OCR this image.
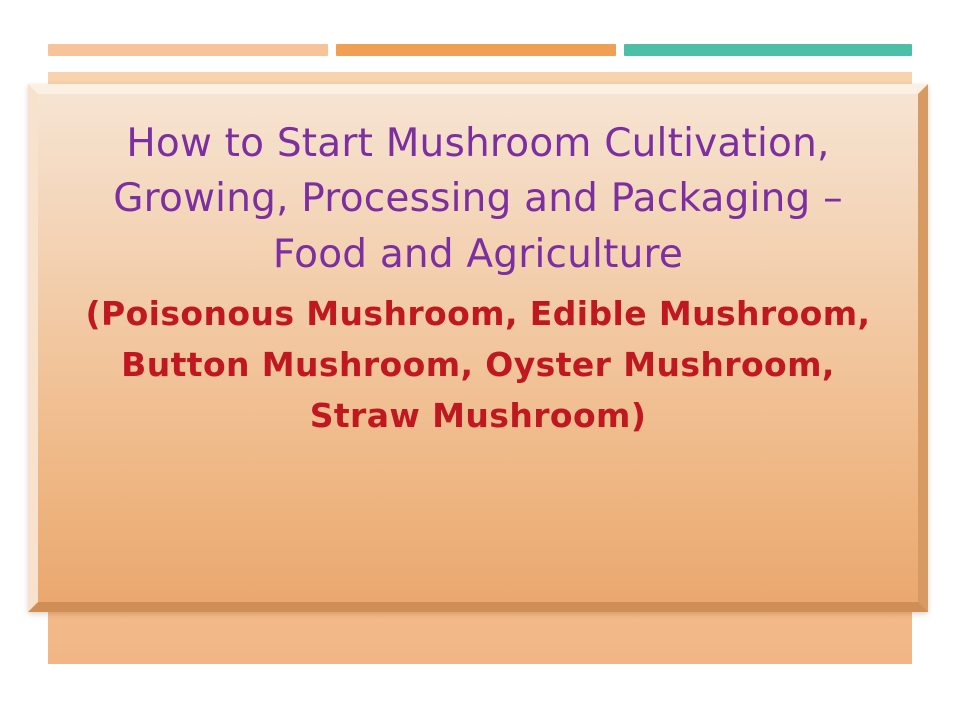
How to Start Mushroom Cultivation, Growing, Processing and Packaging – Food and Agriculture
(Poisonous Mushroom, Edible Mushroom, Button Mushroom, Oyster Mushroom, Straw Mushroom)
